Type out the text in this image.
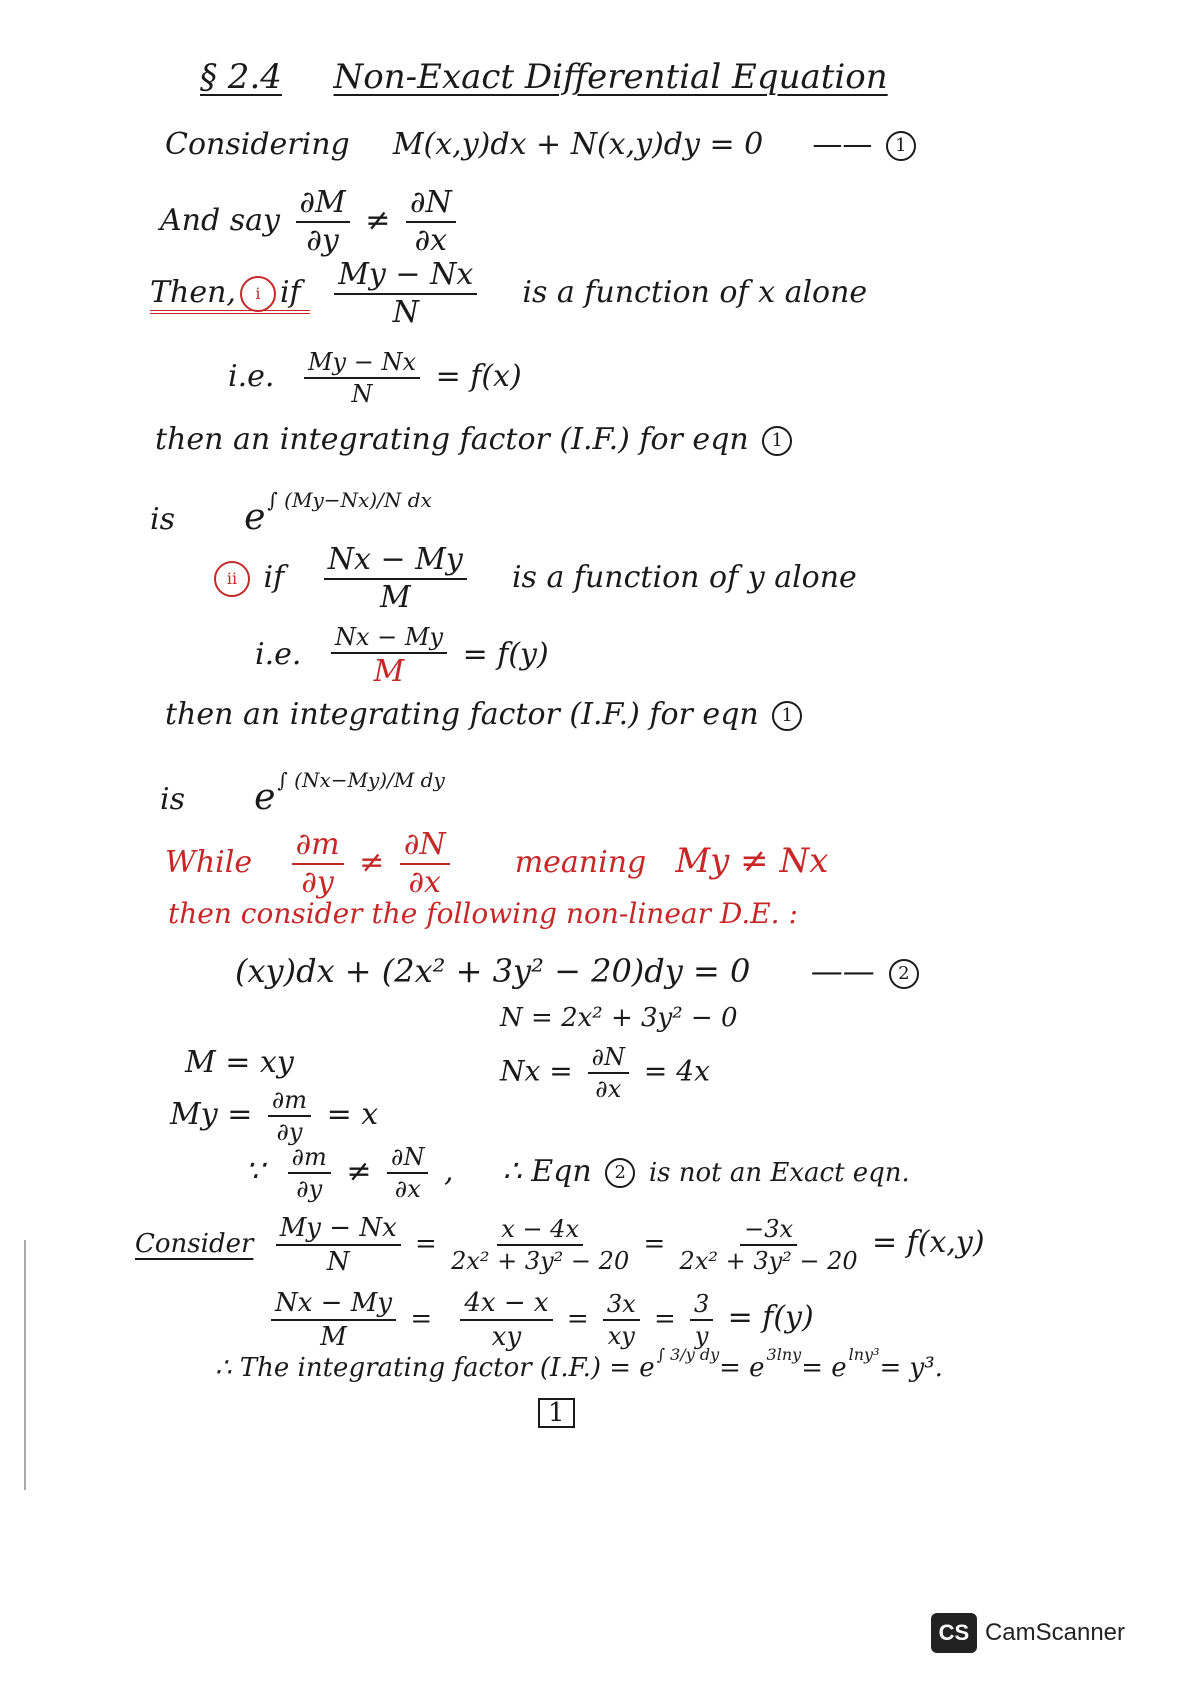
§ 2.4 Non-Exact Differential Equation
Considering M(x,y)dx + N(x,y)dy = 0 —— 1
And say $\frac{\partial M}{\partial y} \ne \frac{\partial N}{\partial x}$
Then, i if $\frac{My - Nx}{N}$ is a function of x alone
i.e. $\frac{My - Nx}{N} = f(x)$
then an integrating factor (I.F.) for eqn 1
is e $^{\int (My-Nx)/N dx}$
ii if $\frac{Nx - My}{M}$ is a function of y alone
i.e. $\frac{Nx - My}{M} = f(y)$
then an integrating factor (I.F.) for eqn 1
is e $^{\int (Nx-My)/M dy}$
While $\frac{\partial m}{\partial y} \ne \frac{\partial N}{\partial x}$ meaning My ≠ Nx
then consider the following non-linear D.E. :
(xy)dx + (2x² + 3y² − 20)dy = 0 —— 2
N = 2x² + 3y² − 0
M = xy	$Nx = \frac{\partial N}{\partial x} = 4x$
$My = \frac{\partial m}{\partial y} = x$
∵ $\frac{\partial m}{\partial y} \ne \frac{\partial N}{\partial x}$ , ∴ Eqn 2 is not an Exact eqn.
Consider $\frac{My - Nx}{N} = \frac{x - 4x}{\text{2x² + 3y² − 20}} = \frac{-3x}{\text{2x² + 3y² − 20}} = f(x,y)$
$\frac{Nx - My}{M} = \frac{4x - x}{xy} = \frac{3x}{xy} = \frac{3}{y} = f(y)$
∴ The integrating factor (I.F.) = e $^{\int 3/y dy}$= e $^{3lny}$= e $^{lny^3}$= y³.
1
CS CamScanner
